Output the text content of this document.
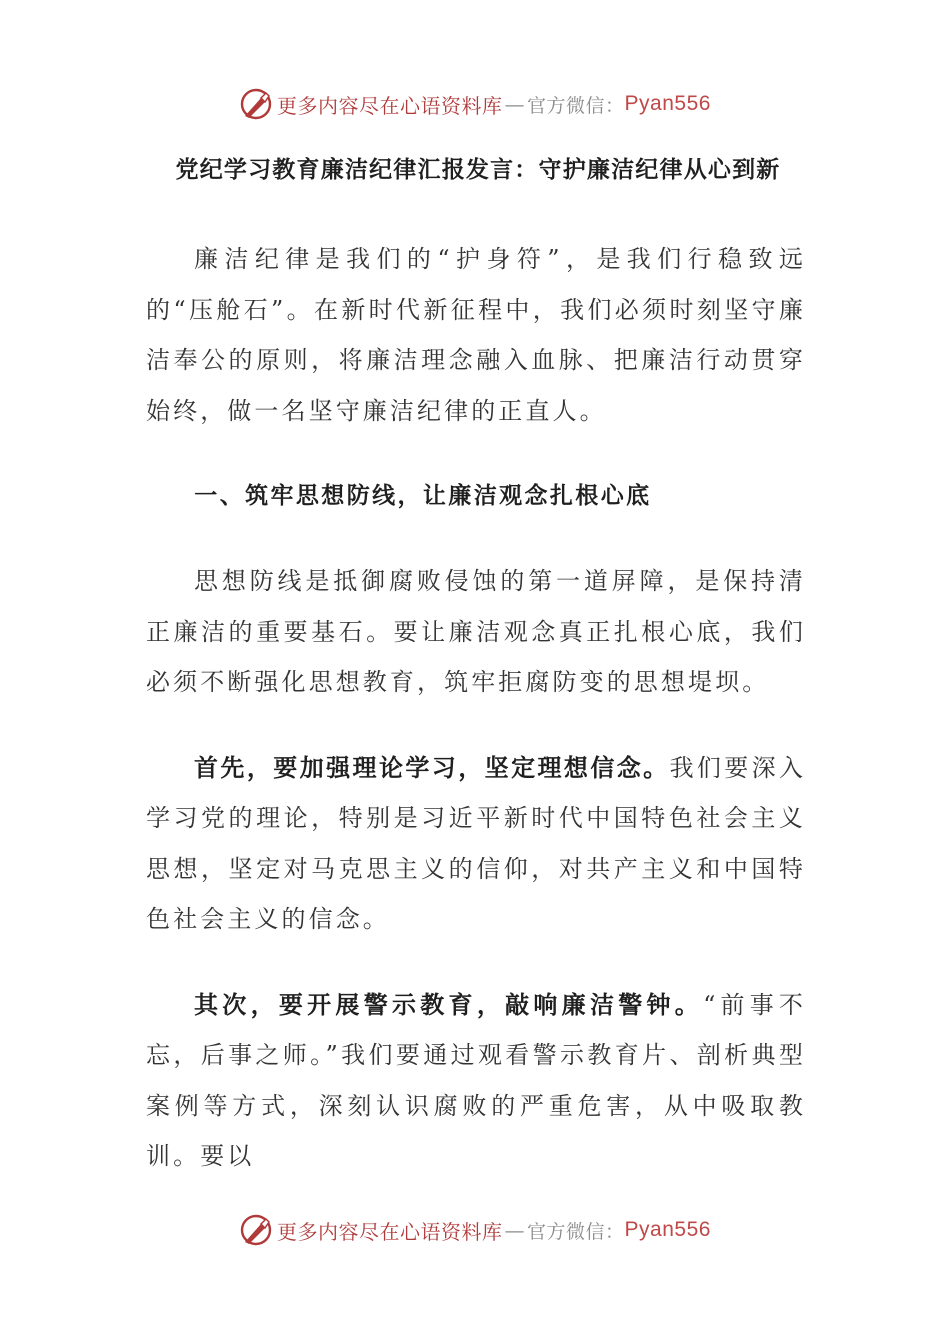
更多内容尽在心语资料库 — 官方微信： Pyan556
党纪学习教育廉洁纪律汇报发言：守护廉洁纪律从心到新

廉洁纪律是我们的“护身符”，是我们行稳致远的“压舱石”。在新时代新征程中，我们必须时刻坚守廉洁奉公的原则，将廉洁理念融入血脉、把廉洁行动贯穿始终，做一名坚守廉洁纪律的正直人。

一、筑牢思想防线，让廉洁观念扎根心底

思想防线是抵御腐败侵蚀的第一道屏障，是保持清正廉洁的重要基石。要让廉洁观念真正扎根心底，我们必须不断强化思想教育，筑牢拒腐防变的思想堤坝。

首先，要加强理论学习，坚定理想信念。我们要深入学习党的理论，特别是习近平新时代中国特色社会主义思想，坚定对马克思主义的信仰，对共产主义和中国特色社会主义的信念。

其次，要开展警示教育，敲响廉洁警钟。“前事不忘，后事之师。”我们要通过观看警示教育片、剖析典型案例等方式，深刻认识腐败的严重危害，从中吸取教训。要以

更多内容尽在心语资料库 — 官方微信： Pyan556
